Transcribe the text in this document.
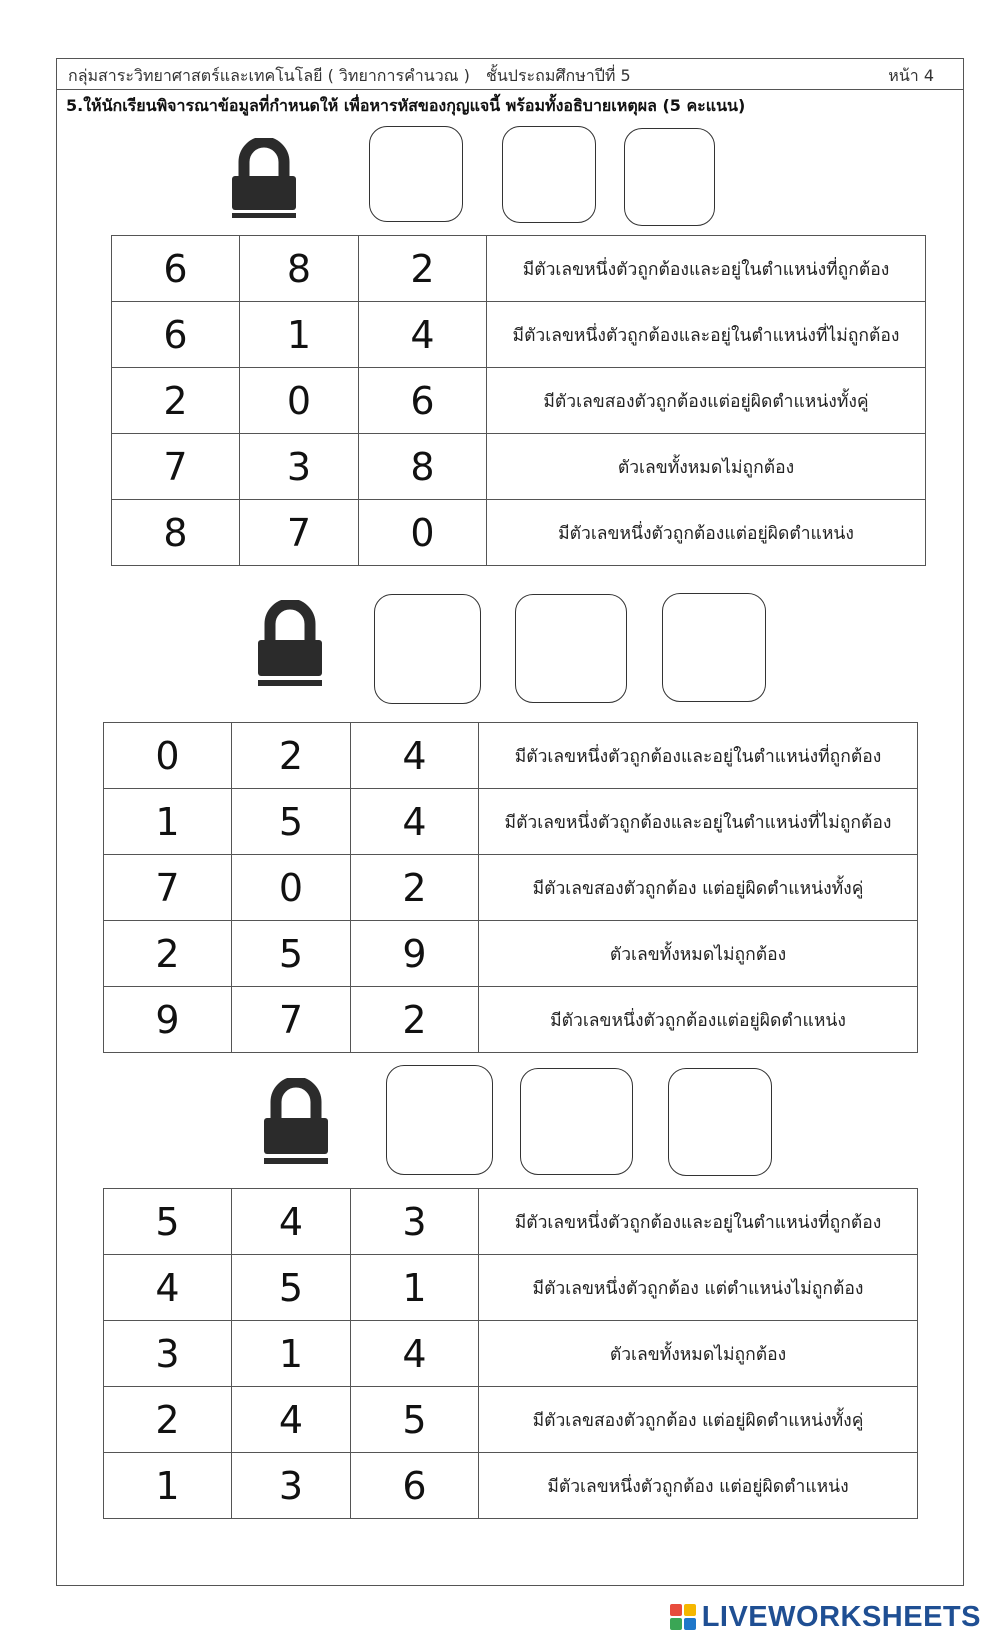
กลุ่มสาระวิทยาศาสตร์และเทคโนโลยี ( วิทยาการคำนวณ ) ชั้นประถมศึกษาปีที่ 5	หน้า 4
5.ให้นักเรียนพิจารณาข้อมูลที่กำหนดให้ เพื่อหารหัสของกุญแจนี้ พร้อมทั้งอธิบายเหตุผล (5 คะแนน)
6	8	2	มีตัวเลขหนึ่งตัวถูกต้องและอยู่ในตำแหน่งที่ถูกต้อง
6	1	4	มีตัวเลขหนึ่งตัวถูกต้องและอยู่ในตำแหน่งที่ไม่ถูกต้อง
2	0	6	มีตัวเลขสองตัวถูกต้องแต่อยู่ผิดตำแหน่งทั้งคู่
7	3	8	ตัวเลขทั้งหมดไม่ถูกต้อง
8	7	0	มีตัวเลขหนึ่งตัวถูกต้องแต่อยู่ผิดตำแหน่ง
0	2	4	มีตัวเลขหนึ่งตัวถูกต้องและอยู่ในตำแหน่งที่ถูกต้อง
1	5	4	มีตัวเลขหนึ่งตัวถูกต้องและอยู่ในตำแหน่งที่ไม่ถูกต้อง
7	0	2	มีตัวเลขสองตัวถูกต้อง แต่อยู่ผิดตำแหน่งทั้งคู่
2	5	9	ตัวเลขทั้งหมดไม่ถูกต้อง
9	7	2	มีตัวเลขหนึ่งตัวถูกต้องแต่อยู่ผิดตำแหน่ง
5	4	3	มีตัวเลขหนึ่งตัวถูกต้องและอยู่ในตำแหน่งที่ถูกต้อง
4	5	1	มีตัวเลขหนึ่งตัวถูกต้อง แต่ตำแหน่งไม่ถูกต้อง
3	1	4	ตัวเลขทั้งหมดไม่ถูกต้อง
2	4	5	มีตัวเลขสองตัวถูกต้อง แต่อยู่ผิดตำแหน่งทั้งคู่
1	3	6	มีตัวเลขหนึ่งตัวถูกต้อง แต่อยู่ผิดตำแหน่ง
LIVEWORKSHEETS
